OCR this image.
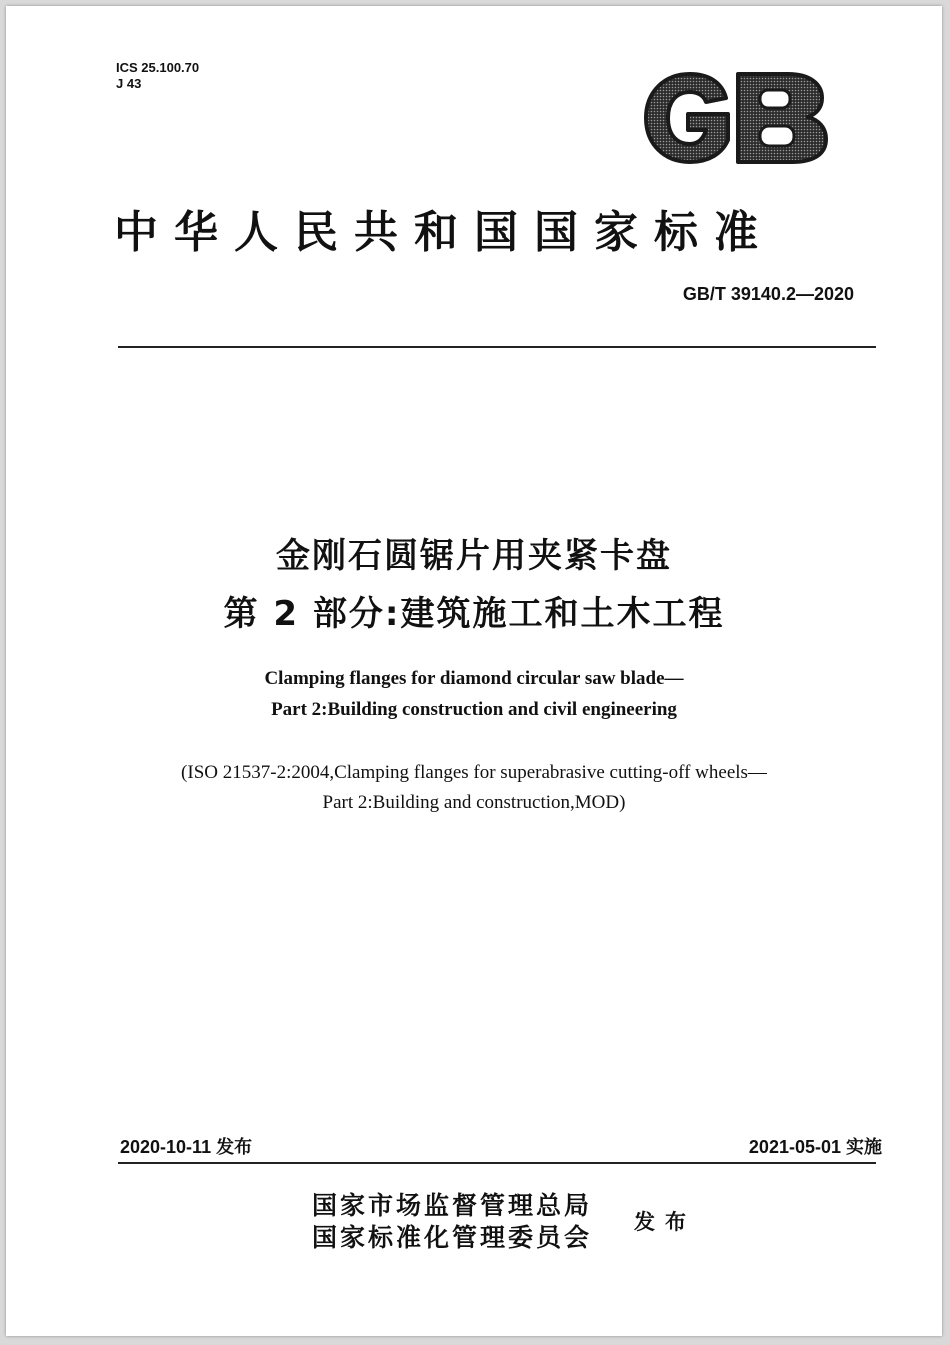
ICS 25.100.70
J 43
中华人民共和国国家标准
GB/T 39140.2—2020
金刚石圆锯片用夹紧卡盘
第 2 部分:建筑施工和土木工程
Clamping flanges for diamond circular saw blade—
Part 2:Building construction and civil engineering
(ISO 21537-2:2004,Clamping flanges for superabrasive cutting-off wheels—
Part 2:Building and construction,MOD)
2020-10-11 发布	2021-05-01 实施
国家市场监督管理总局
国家标准化管理委员会
发布
